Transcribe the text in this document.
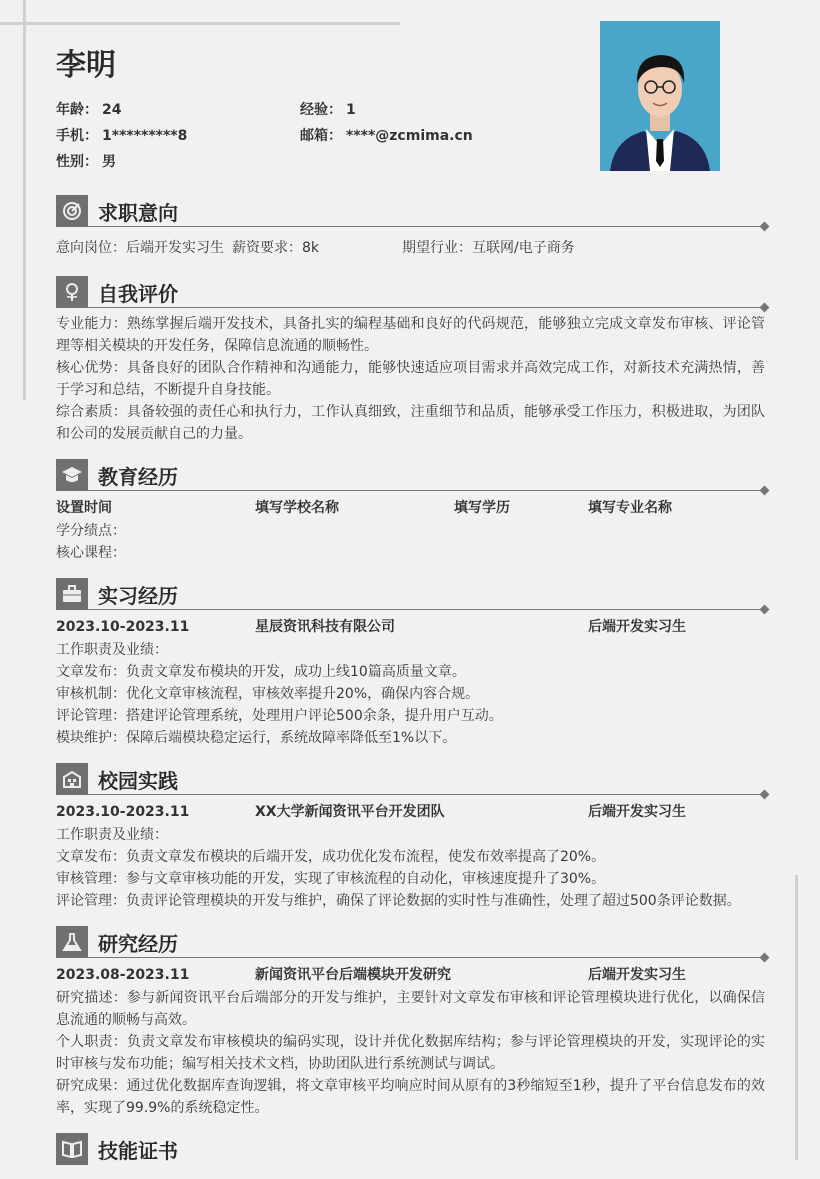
李明
年龄： 24	经验： 1
手机： 1*********8	邮箱： ****@zcmima.cn
性别： 男
求职意向
意向岗位：后端开发实习生 薪资要求：8k	期望行业：互联网/电子商务
自我评价

专业能力：熟练掌握后端开发技术，具备扎实的编程基础和良好的代码规范，能够独立完成文章发布审核、评论管理等相关模块的开发任务，保障信息流通的顺畅性。

核心优势：具备良好的团队合作精神和沟通能力，能够快速适应项目需求并高效完成工作，对新技术充满热情，善于学习和总结，不断提升自身技能。

综合素质：具备较强的责任心和执行力，工作认真细致，注重细节和品质，能够承受工作压力，积极进取，为团队和公司的发展贡献自己的力量。

教育经历
设置时间	填写学校名称	填写学历	填写专业名称

学分绩点：

核心课程：

实习经历
2023.10-2023.11	星辰资讯科技有限公司	后端开发实习生

工作职责及业绩：

文章发布：负责文章发布模块的开发，成功上线10篇高质量文章。

审核机制：优化文章审核流程，审核效率提升20%，确保内容合规。

评论管理：搭建评论管理系统，处理用户评论500余条，提升用户互动。

模块维护：保障后端模块稳定运行，系统故障率降低至1%以下。

校园实践
2023.10-2023.11	XX大学新闻资讯平台开发团队	后端开发实习生

工作职责及业绩：

文章发布：负责文章发布模块的后端开发，成功优化发布流程，使发布效率提高了20%。

审核管理：参与文章审核功能的开发，实现了审核流程的自动化，审核速度提升了30%。

评论管理：负责评论管理模块的开发与维护，确保了评论数据的实时性与准确性，处理了超过500条评论数据。

研究经历
2023.08-2023.11	新闻资讯平台后端模块开发研究	后端开发实习生

研究描述：参与新闻资讯平台后端部分的开发与维护，主要针对文章发布审核和评论管理模块进行优化，以确保信息流通的顺畅与高效。

个人职责：负责文章发布审核模块的编码实现，设计并优化数据库结构；参与评论管理模块的开发，实现评论的实时审核与发布功能；编写相关技术文档，协助团队进行系统测试与调试。

研究成果：通过优化数据库查询逻辑，将文章审核平均响应时间从原有的3秒缩短至1秒，提升了平台信息发布的效率，实现了99.9%的系统稳定性。

技能证书
